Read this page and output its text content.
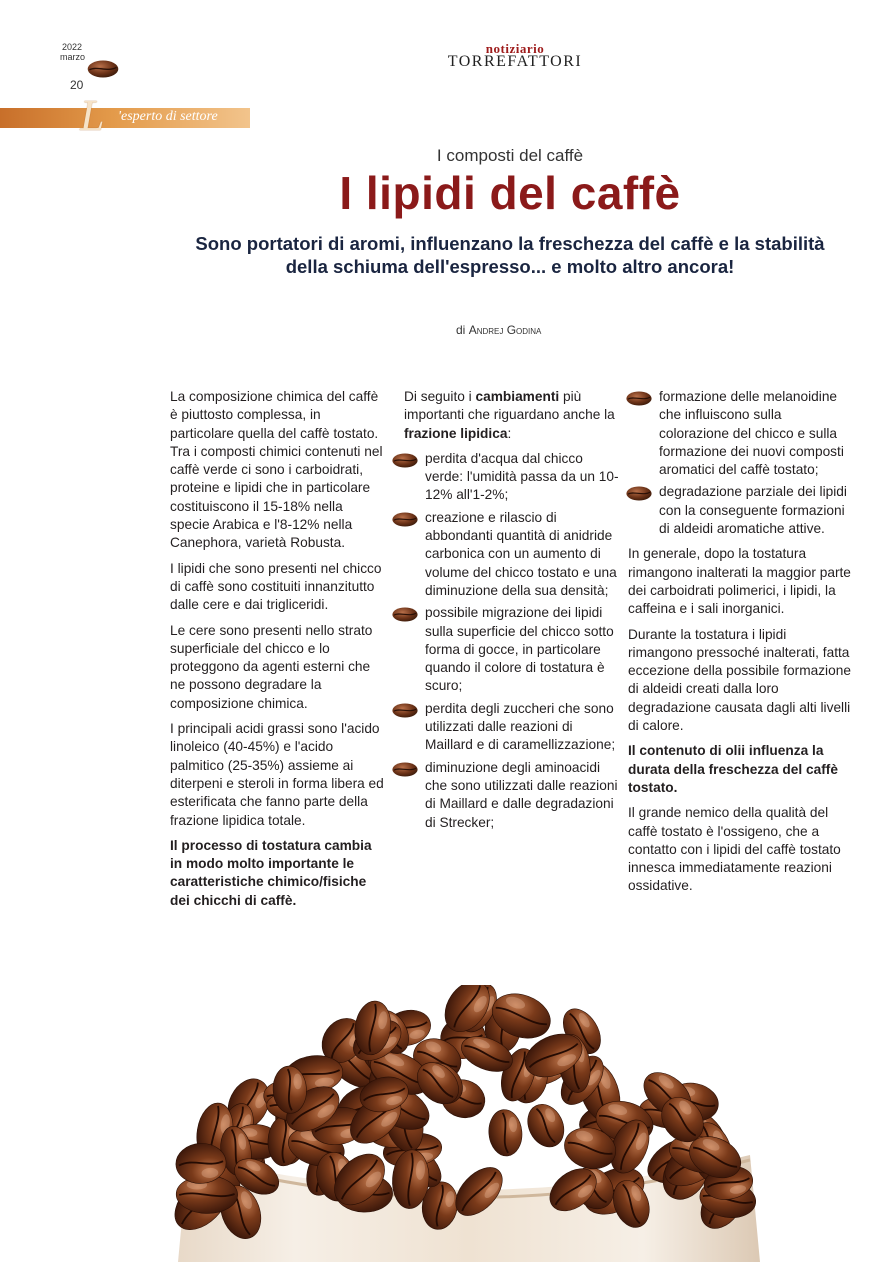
2022
marzo
20
notiziario
TORREFATTORI
L 'esperto di settore
I composti del caffè
I lipidi del caffè
Sono portatori di aromi, influenzano la freschezza del caffè e la stabilità della schiuma dell'espresso... e molto altro ancora!
di Andrej Godina

La composizione chimica del caffè è piuttosto complessa, in particolare quella del caffè tostato. Tra i composti chimici contenuti nel caffè verde ci sono i carboidrati, proteine e lipidi che in particolare costituiscono il 15-18% nella specie Arabica e l'8-12% nella Canephora, varietà Robusta.

I lipidi che sono presenti nel chicco di caffè sono costituiti innanzitutto dalle cere e dai trigliceridi.

Le cere sono presenti nello strato superficiale del chicco e lo proteggono da agenti esterni che ne possono degradare la composizione chimica.

I principali acidi grassi sono l'acido linoleico (40-45%) e l'acido palmitico (25-35%) assieme ai diterpeni e steroli in forma libera ed esterificata che fanno parte della frazione lipidica totale.

Il processo di tostatura cambia in modo molto importante le caratteristiche chimico/fisiche dei chicchi di caffè.

Di seguito i cambiamenti più importanti che riguardano anche la frazione lipidica:

perdita d'acqua dal chicco verde: l'umidità passa da un 10-12% all'1-2%;
creazione e rilascio di abbondanti quantità di anidride carbonica con un aumento di volume del chicco tostato e una diminuzione della sua densità;
possibile migrazione dei lipidi sulla superficie del chicco sotto forma di gocce, in particolare quando il colore di tostatura è scuro;
perdita degli zuccheri che sono utilizzati dalle reazioni di Maillard e di caramellizzazione;
diminuzione degli aminoacidi che sono utilizzati dalle reazioni di Maillard e dalle degradazioni di Strecker;
formazione delle melanoidine che influiscono sulla colorazione del chicco e sulla formazione dei nuovi composti aromatici del caffè tostato;
degradazione parziale dei lipidi con la conseguente formazioni di aldeidi aromatiche attive.

In generale, dopo la tostatura rimangono inalterati la maggior parte dei carboidrati polimerici, i lipidi, la caffeina e i sali inorganici.

Durante la tostatura i lipidi rimangono pressoché inalterati, fatta eccezione della possibile formazione di aldeidi creati dalla loro degradazione causata dagli alti livelli di calore.

Il contenuto di olii influenza la durata della freschezza del caffè tostato.

Il grande nemico della qualità del caffè tostato è l'ossigeno, che a contatto con i lipidi del caffè tostato innesca immediatamente reazioni ossidative.
